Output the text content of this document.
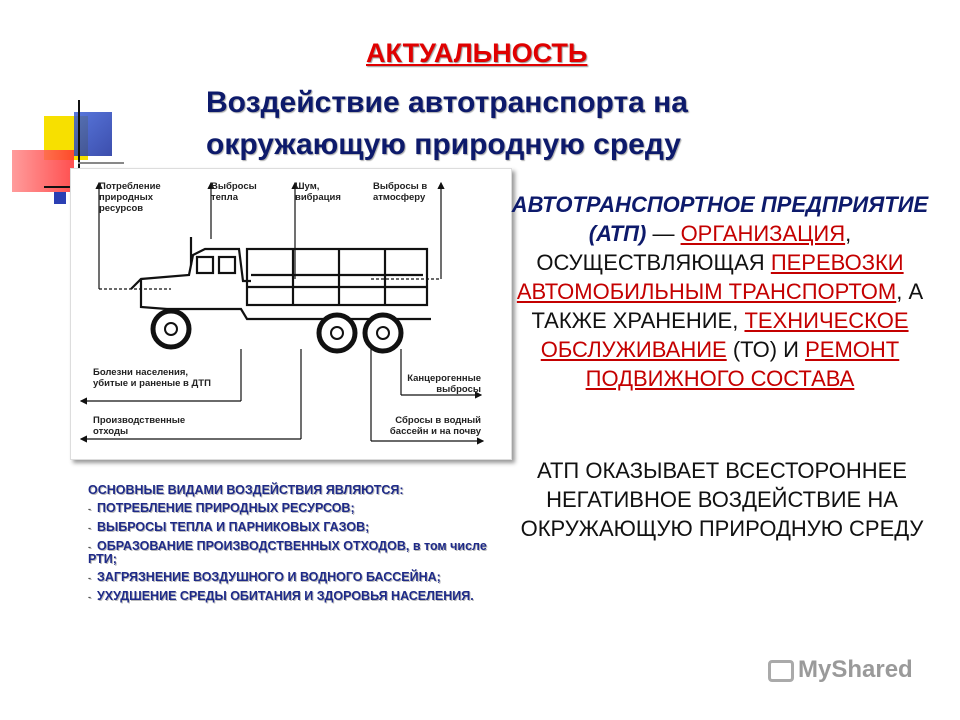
АКТУАЛЬНОСТЬ
Воздействие автотранспорта на окружающую природную среду
Потребление природных ресурсов
Выбросы тепла
Шум, вибрация
Выбросы в атмосферу
Болезни населения, убитые и раненые в ДТП
Производственные отходы
Канцерогенные выбросы
Сбросы в водный бассейн и на почву
ОСНОВНЫЕ ВИДАМИ ВОЗДЕЙСТВИЯ ЯВЛЯЮТСЯ:
- ПОТРЕБЛЕНИЕ ПРИРОДНЫХ РЕСУРСОВ;
- ВЫБРОСЫ ТЕПЛА И ПАРНИКОВЫХ ГАЗОВ;
- ОБРАЗОВАНИЕ ПРОИЗВОДСТВЕННЫХ ОТХОДОВ, в том числе РТИ;
- ЗАГРЯЗНЕНИЕ ВОЗДУШНОГО И ВОДНОГО БАССЕЙНА;
- УХУДШЕНИЕ СРЕДЫ ОБИТАНИЯ И ЗДОРОВЬЯ НАСЕЛЕНИЯ.
АВТОТРАНСПОРТНОЕ ПРЕДПРИЯТИЕ (АТП) — ОРГАНИЗАЦИЯ, ОСУЩЕСТВЛЯЮЩАЯ ПЕРЕВОЗКИ АВТОМОБИЛЬНЫМ ТРАНСПОРТОМ, А ТАКЖЕ ХРАНЕНИЕ, ТЕХНИЧЕСКОЕ ОБСЛУЖИВАНИЕ (ТО) И РЕМОНТ ПОДВИЖНОГО СОСТАВА
АТП ОКАЗЫВАЕТ ВСЕСТОРОННЕЕ НЕГАТИВНОЕ ВОЗДЕЙСТВИЕ НА ОКРУЖАЮЩУЮ ПРИРОДНУЮ СРЕДУ
MyShared
